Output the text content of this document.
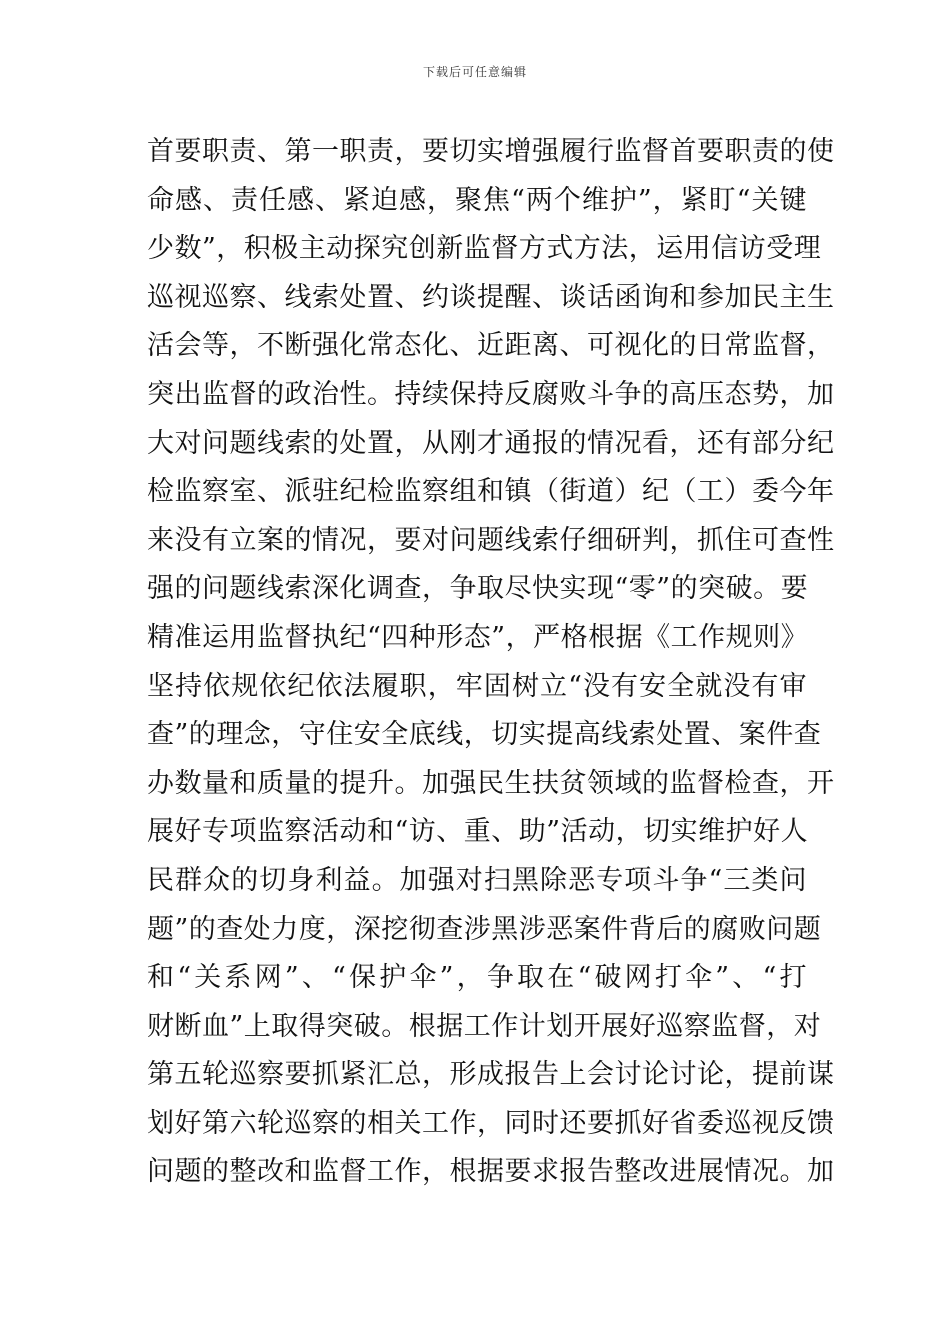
下载后可任意编辑
首要职责、第一职责，要切实增强履行监督首要职责的使
命感、责任感、紧迫感，聚焦“两个维护”，紧盯“关键
少数”，积极主动探究创新监督方式方法，运用信访受理
巡视巡察、线索处置、约谈提醒、谈话函询和参加民主生
活会等，不断强化常态化、近距离、可视化的日常监督，
突出监督的政治性。持续保持反腐败斗争的高压态势，加
大对问题线索的处置，从刚才通报的情况看，还有部分纪
检监察室、派驻纪检监察组和镇（街道）纪（工）委今年
来没有立案的情况，要对问题线索仔细研判，抓住可查性
强的问题线索深化调查，争取尽快实现“零”的突破。要
精准运用监督执纪“四种形态”，严格根据《工作规则》
坚持依规依纪依法履职，牢固树立“没有安全就没有审
查”的理念，守住安全底线，切实提高线索处置、案件查
办数量和质量的提升。加强民生扶贫领域的监督检查，开
展好专项监察活动和“访、重、助”活动，切实维护好人
民群众的切身利益。加强对扫黑除恶专项斗争“三类问
题”的查处力度，深挖彻查涉黑涉恶案件背后的腐败问题
和“关系网”、“保护伞”，争取在“破网打伞”、“打
财断血”上取得突破。根据工作计划开展好巡察监督，对
第五轮巡察要抓紧汇总，形成报告上会讨论讨论，提前谋
划好第六轮巡察的相关工作，同时还要抓好省委巡视反馈
问题的整改和监督工作，根据要求报告整改进展情况。加
